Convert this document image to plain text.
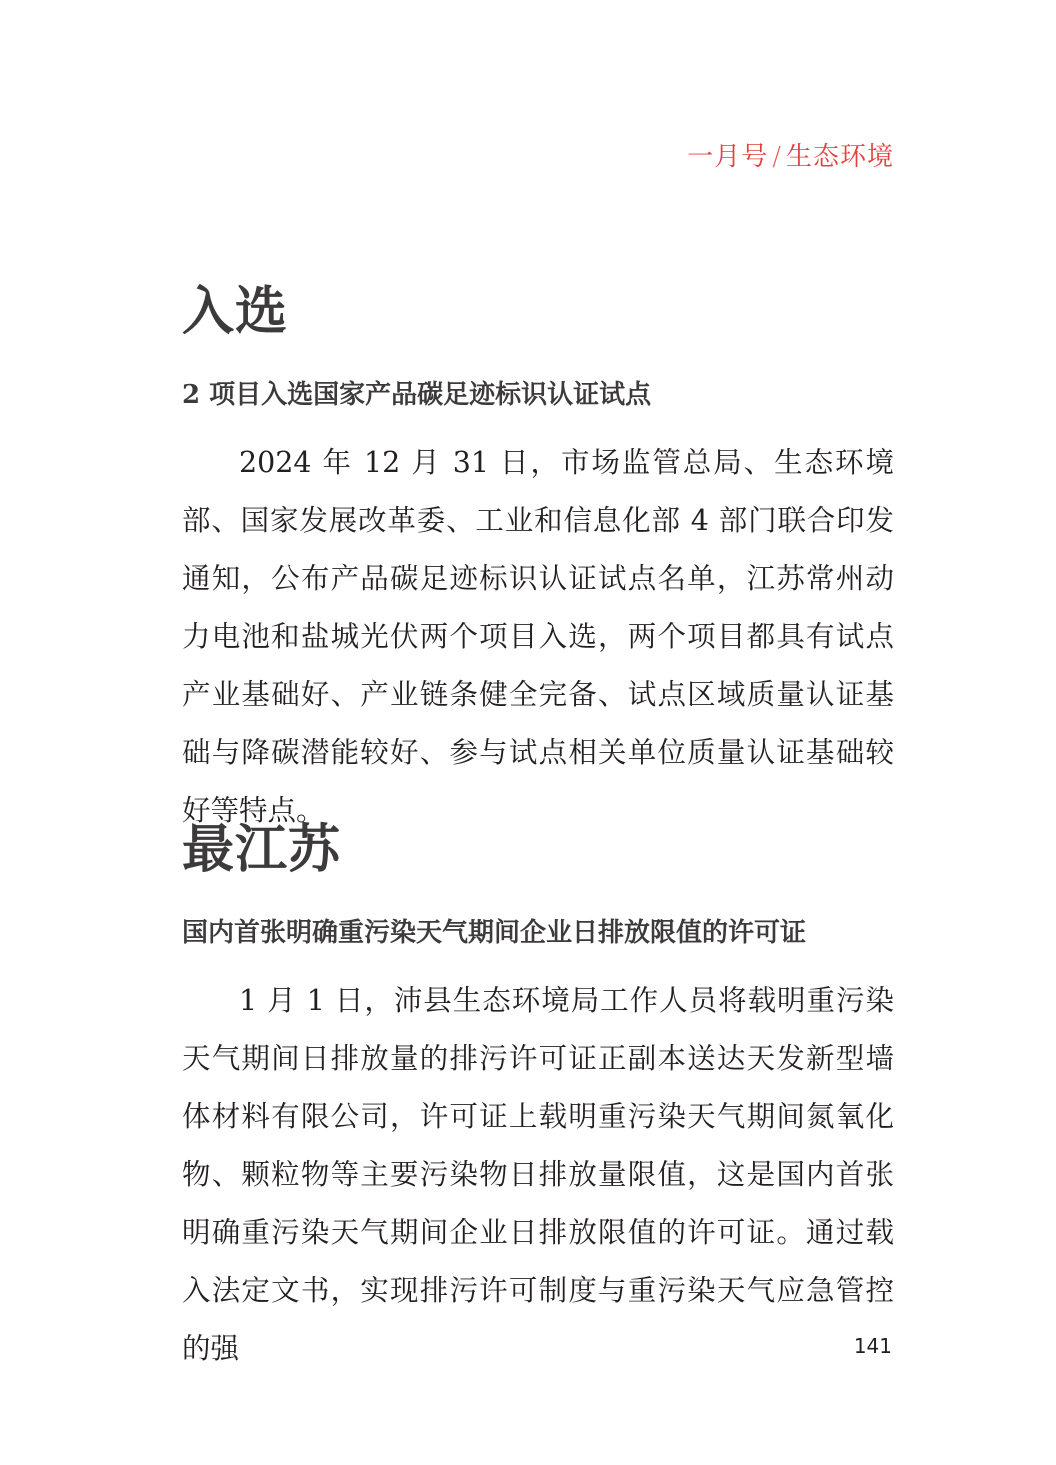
一月号 / 生态环境
入选
2 项目入选国家产品碳足迹标识认证试点

2024 年 12 月 31 日，市场监管总局、生态环境部、国家发展改革委、工业和信息化部 4 部门联合印发通知，公布产品碳足迹标识认证试点名单，江苏常州动力电池和盐城光伏两个项目入选，两个项目都具有试点产业基础好、产业链条健全完备、试点区域质量认证基础与降碳潜能较好、参与试点相关单位质量认证基础较好等特点。

最江苏
国内首张明确重污染天气期间企业日排放限值的许可证

1 月 1 日，沛县生态环境局工作人员将载明重污染天气期间日排放量的排污许可证正副本送达天发新型墙体材料有限公司，许可证上载明重污染天气期间氮氧化物、颗粒物等主要污染物日排放量限值，这是国内首张明确重污染天气期间企业日排放限值的许可证。通过载入法定文书，实现排污许可制度与重污染天气应急管控的强	141
